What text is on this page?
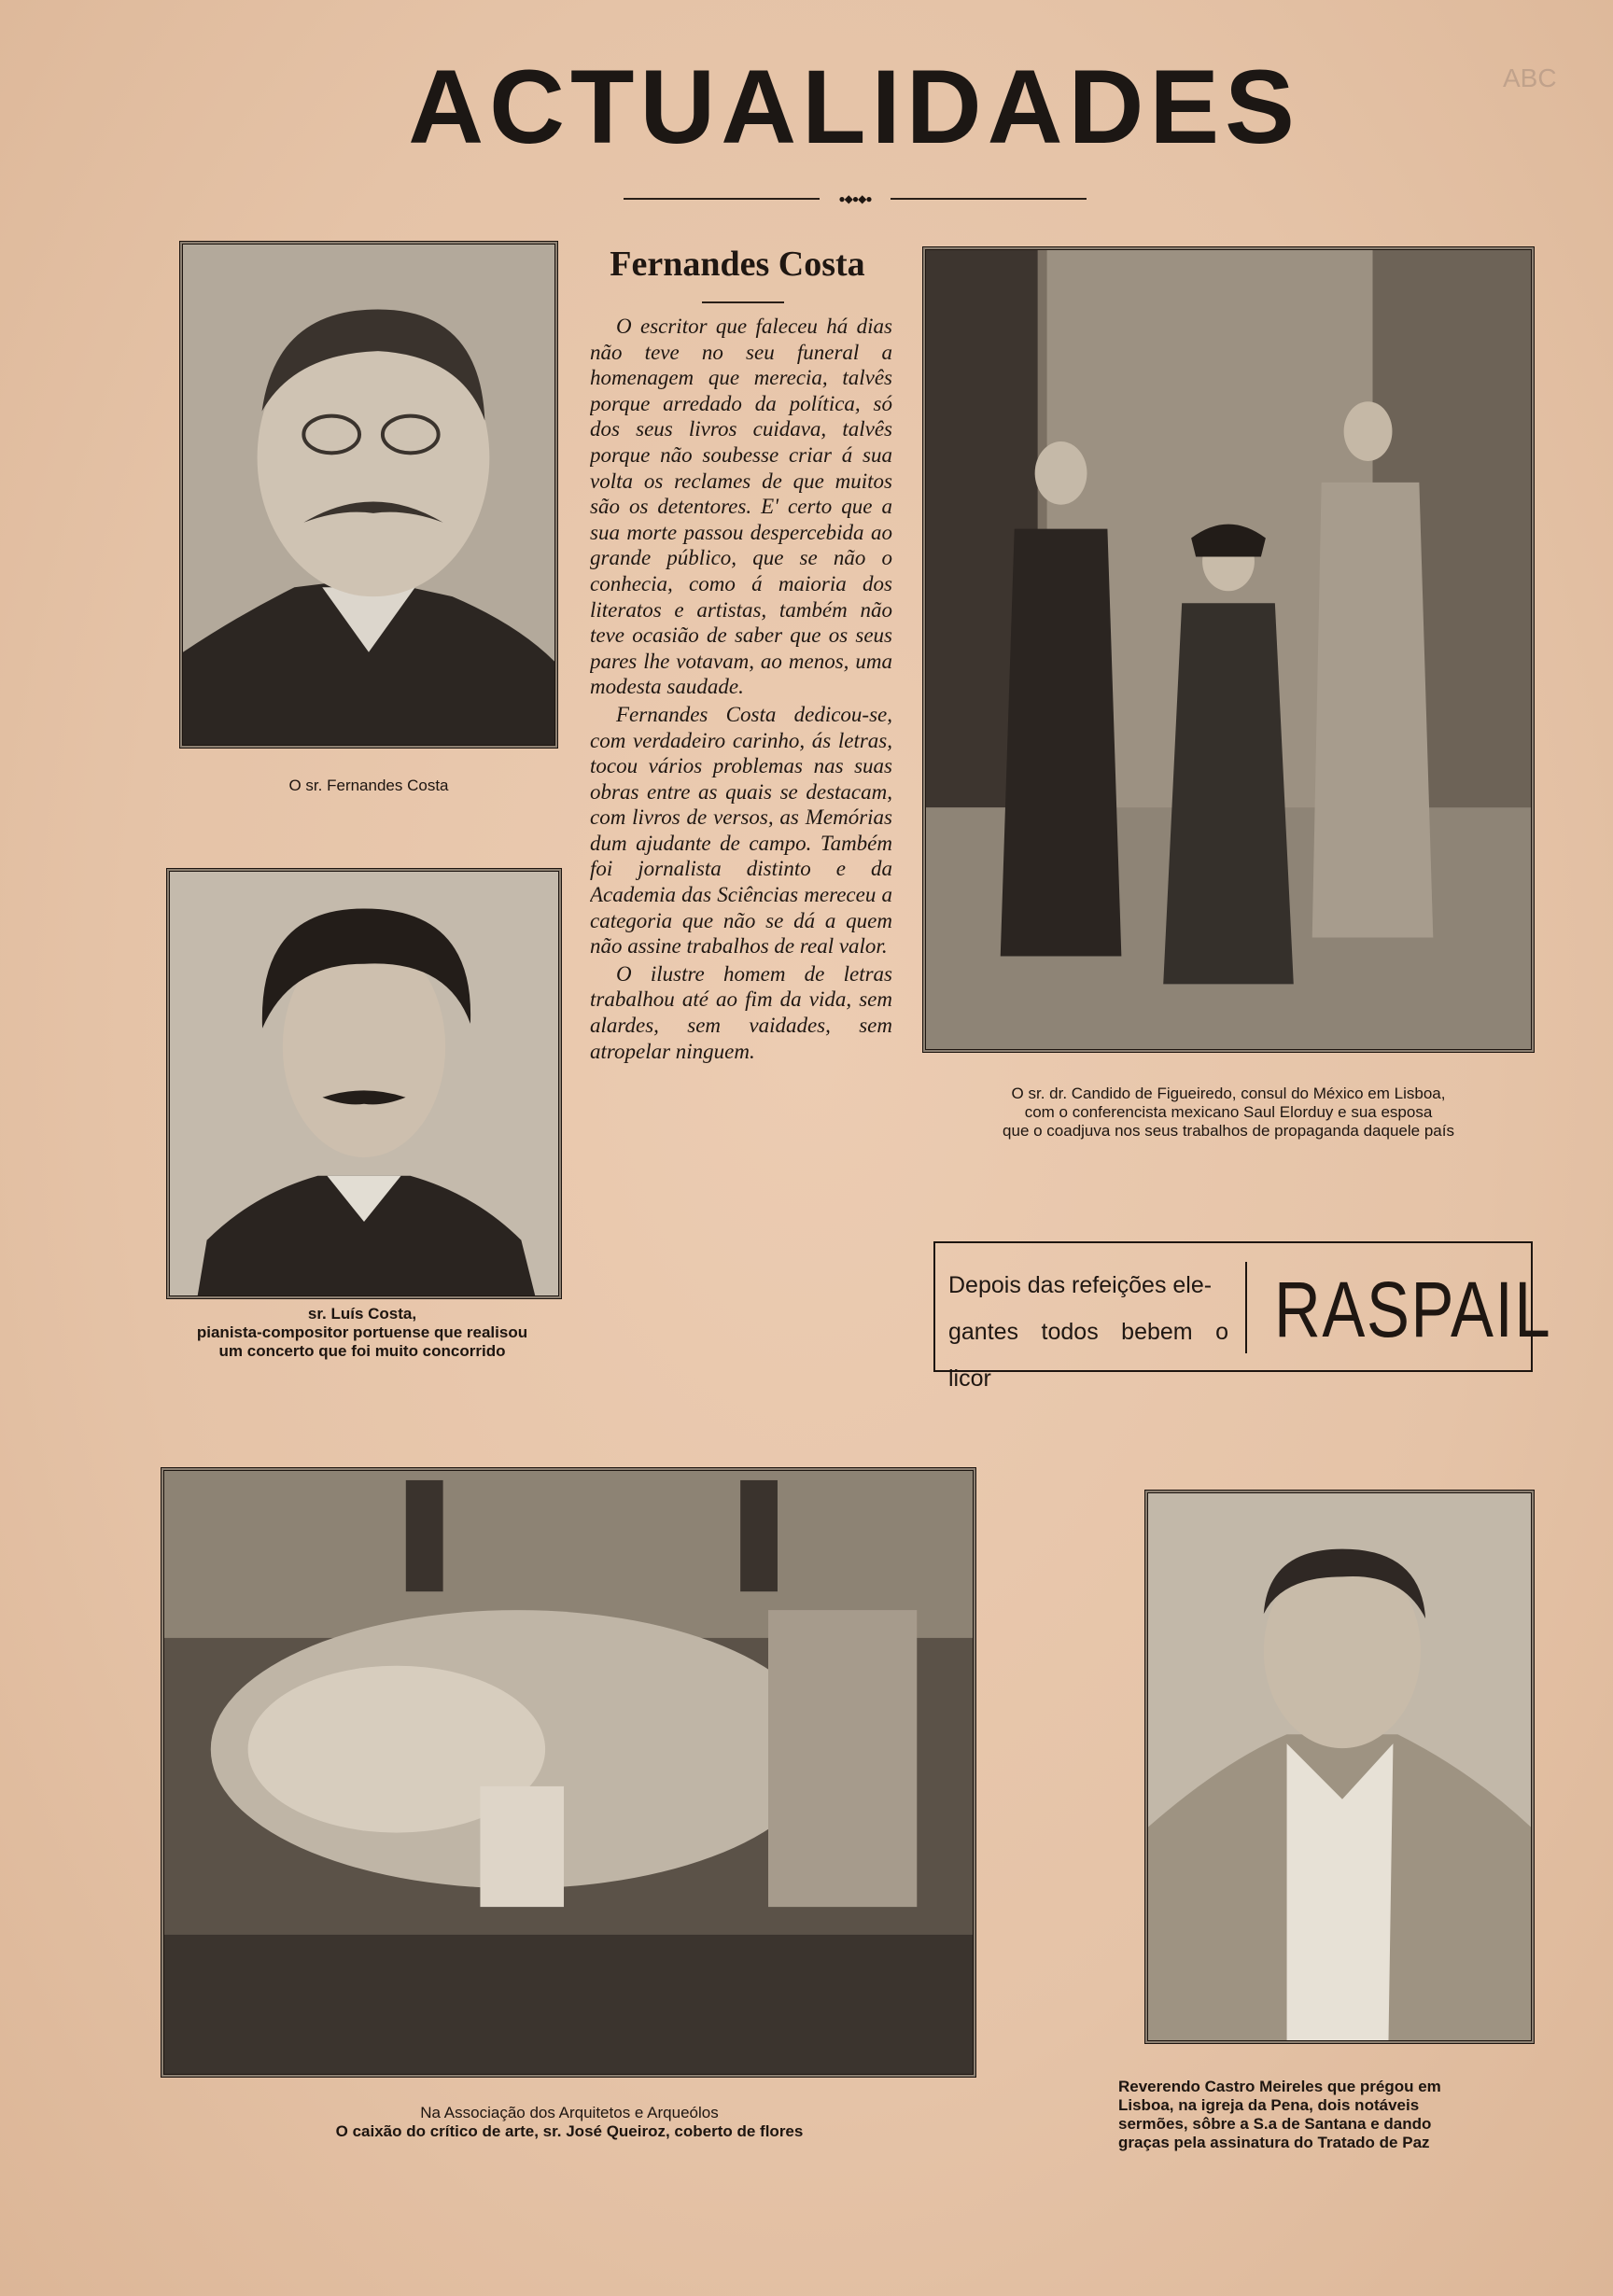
ABC
ACTUALIDADES
●◆●◆●
O sr. Fernandes Costa
sr. Luís Costa,
pianista-compositor portuense que realisou
um concerto que foi muito concorrido
Fernandes Costa

O escritor que faleceu há dias não teve no seu funeral a homenagem que merecia, talvês porque arredado da política, só dos seus livros cuidava, talvês porque não soubesse criar á sua volta os reclames de que muitos são os detentores. E' certo que a sua morte passou despercebida ao grande público, que se não o conhecia, como á maioria dos literatos e artistas, também não teve ocasião de saber que os seus pares lhe votavam, ao menos, uma modesta saudade.

Fernandes Costa dedicou-se, com verdadeiro carinho, ás letras, tocou vários problemas nas suas obras entre as quais se destacam, com livros de versos, as Memórias dum ajudante de campo. Também foi jornalista distinto e da Academia das Sciências mereceu a categoria que não se dá a quem não assine trabalhos de real valor.

O ilustre homem de letras trabalhou até ao fim da vida, sem alardes, sem vaidades, sem atropelar ninguem.

O sr. dr. Candido de Figueiredo, consul do México em Lisboa,
com o conferencista mexicano Saul Elorduy e sua esposa
que o coadjuva nos seus trabalhos de propaganda daquele país
Depois das refeições ele-
gantes todos bebem o licor
RASPAIL
Na Associação dos Arquitetos e Arqueólos
O caixão do crítico de arte, sr. José Queiroz, coberto de flores
Reverendo Castro Meireles que prégou em
Lisboa, na igreja da Pena, dois notáveis
sermões, sôbre a S.a de Santana e dando
graças pela assinatura do Tratado de Paz
